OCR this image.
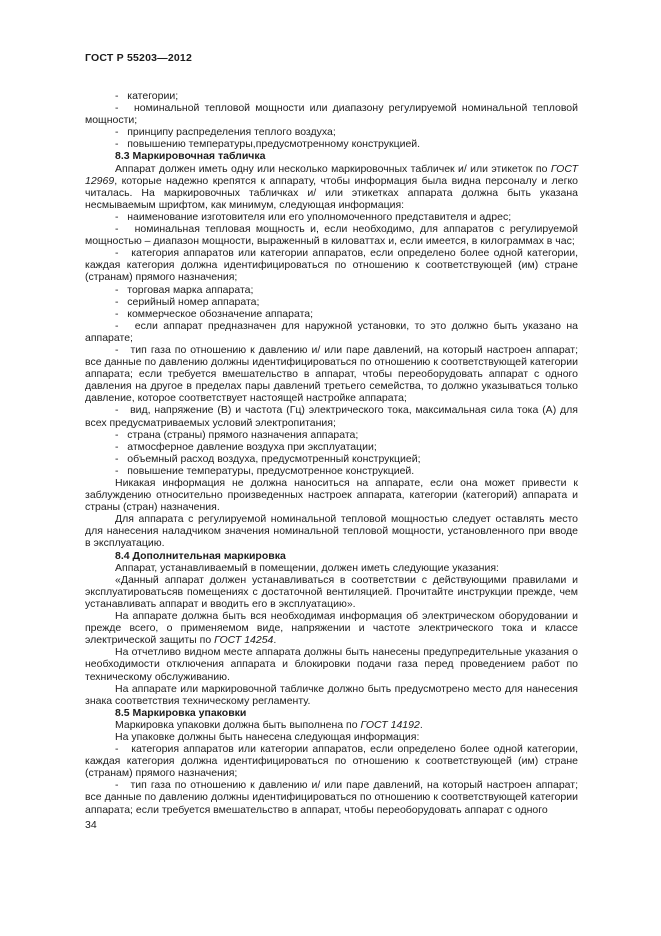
ГОСТ Р 55203—2012

-   категории;

-   номинальной тепловой мощности или диапазону регулируемой номинальной тепловой мощности;

-   принципу распределения теплого воздуха;

-   повышению температуры,предусмотренному конструкцией.

8.3 Маркировочная табличка

Аппарат должен иметь одну или несколько маркировочных табличек и/ или этикеток по ГОСТ 12969, которые надежно крепятся к аппарату, чтобы информация была видна персоналу и легко читалась. На маркировочных табличках и/ или этикетках аппарата должна быть указана несмываемым шрифтом, как минимум, следующая информация:

-   наименование изготовителя или его уполномоченного представителя и адрес;

-   номинальная тепловая мощность и, если необходимо, для аппаратов с регулируемой мощностью – диапазон мощности, выраженный в киловаттах и, если имеется, в килограммах в час;

-   категория аппаратов или категории аппаратов, если определено более одной категории, каждая категория должна идентифицироваться по отношению к соответствующей (им) стране (странам) прямого назначения;

-   торговая марка аппарата;

-   серийный номер аппарата;

-   коммерческое обозначение аппарата;

-   если аппарат предназначен для наружной установки, то это должно быть указано на аппарате;

-   тип газа по отношению к давлению и/ или паре давлений, на который настроен аппарат; все данные по давлению должны идентифицироваться по отношению к соответствующей категории аппарата; если требуется вмешательство в аппарат, чтобы переоборудовать аппарат с одного давления на другое в пределах пары давлений третьего семейства, то должно указываться только давление, которое соответствует настоящей настройке аппарата;

-   вид, напряжение (В) и частота (Гц) электрического тока, максимальная сила тока (А) для всех предусматриваемых условий электропитания;

-   страна (страны) прямого назначения аппарата;

-   атмосферное давление воздуха при эксплуатации;

-   объемный расход воздуха, предусмотренный конструкцией;

-   повышение температуры, предусмотренное конструкцией.

Никакая информация не должна наноситься на аппарате, если она может привести к заблуждению относительно произведенных настроек аппарата, категории (категорий) аппарата и страны (стран) назначения.

Для аппарата с регулируемой номинальной тепловой мощностью следует оставлять место для нанесения наладчиком значения номинальной тепловой мощности, установленного при вводе в эксплуатацию.

8.4 Дополнительная маркировка

Аппарат, устанавливаемый в помещении, должен иметь следующие указания:

«Данный аппарат должен устанавливаться в соответствии с действующими правилами и эксплуатироватьсяв помещениях с достаточной вентиляцией. Прочитайте инструкции прежде, чем устанавливать аппарат и вводить его в эксплуатацию».

На аппарате должна быть вся необходимая информация об электрическом оборудовании и прежде всего, о применяемом виде, напряжении и частоте электрического тока и классе электрической защиты по ГОСТ 14254.

На отчетливо видном месте аппарата должны быть нанесены предупредительные указания о необходимости отключения аппарата и блокировки подачи газа перед проведением работ по техническому обслуживанию.

На аппарате или маркировочной табличке должно быть предусмотрено место для нанесения знака соответствия техническому регламенту.

8.5 Маркировка упаковки

Маркировка упаковки должна быть выполнена по ГОСТ 14192.

На упаковке должны быть нанесена следующая информация:

-   категория аппаратов или категории аппаратов, если определено более одной категории, каждая категория должна идентифицироваться по отношению к соответствующей (им) стране (странам) прямого назначения;

-   тип газа по отношению к давлению и/ или паре давлений, на который настроен аппарат; все данные по давлению должны идентифицироваться по отношению к соответствующей категории аппарата; если требуется вмешательство в аппарат, чтобы переоборудовать аппарат с одного

34
